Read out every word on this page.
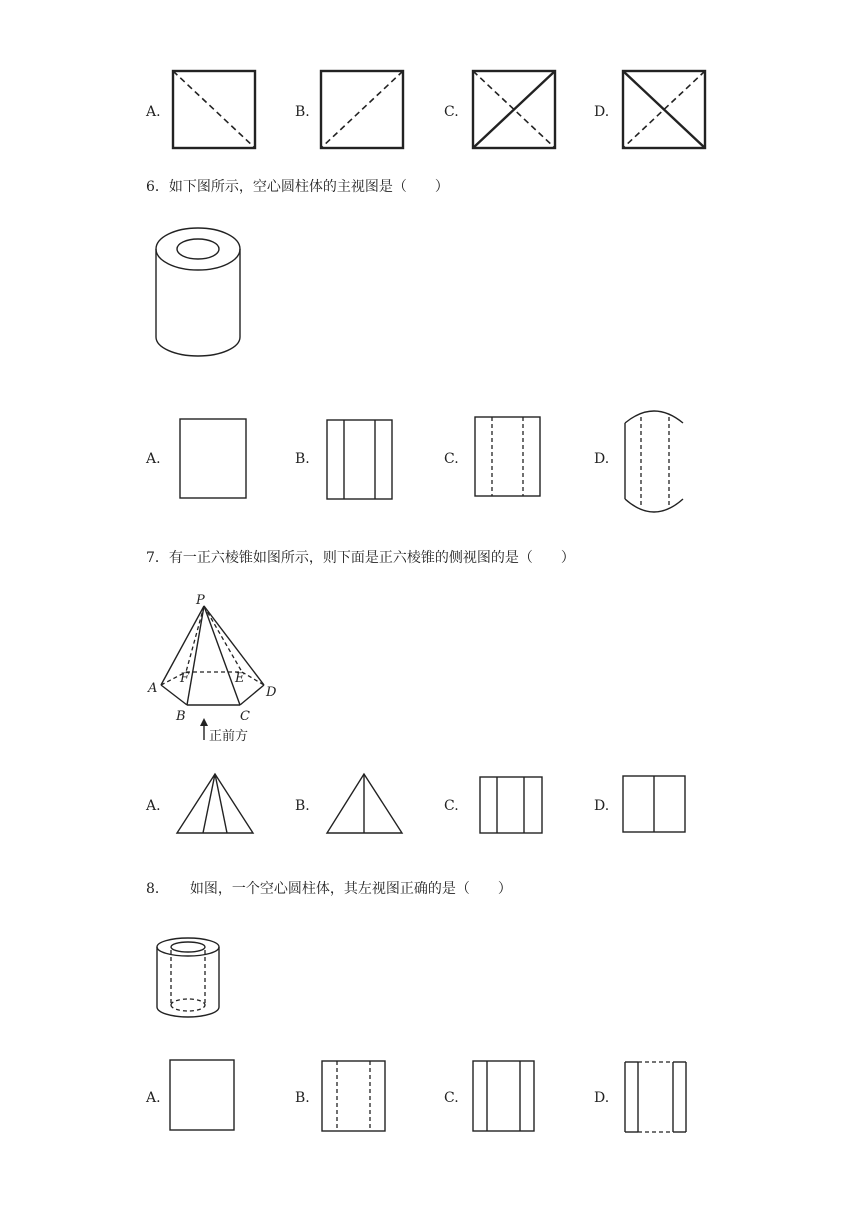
A.	B.	C.	D.
6．如下图所示，空心圆柱体的主视图是（　　）
A.	B.	C.	D.
7．有一正六棱锥如图所示，则下面是正六棱锥的侧视图的是（　　）
P
A
B	C
D
E
F
正前方
A.	B.	C.	D.
8．　　如图，一个空心圆柱体，其左视图正确的是（　　）
A.	B.	C.	D.
